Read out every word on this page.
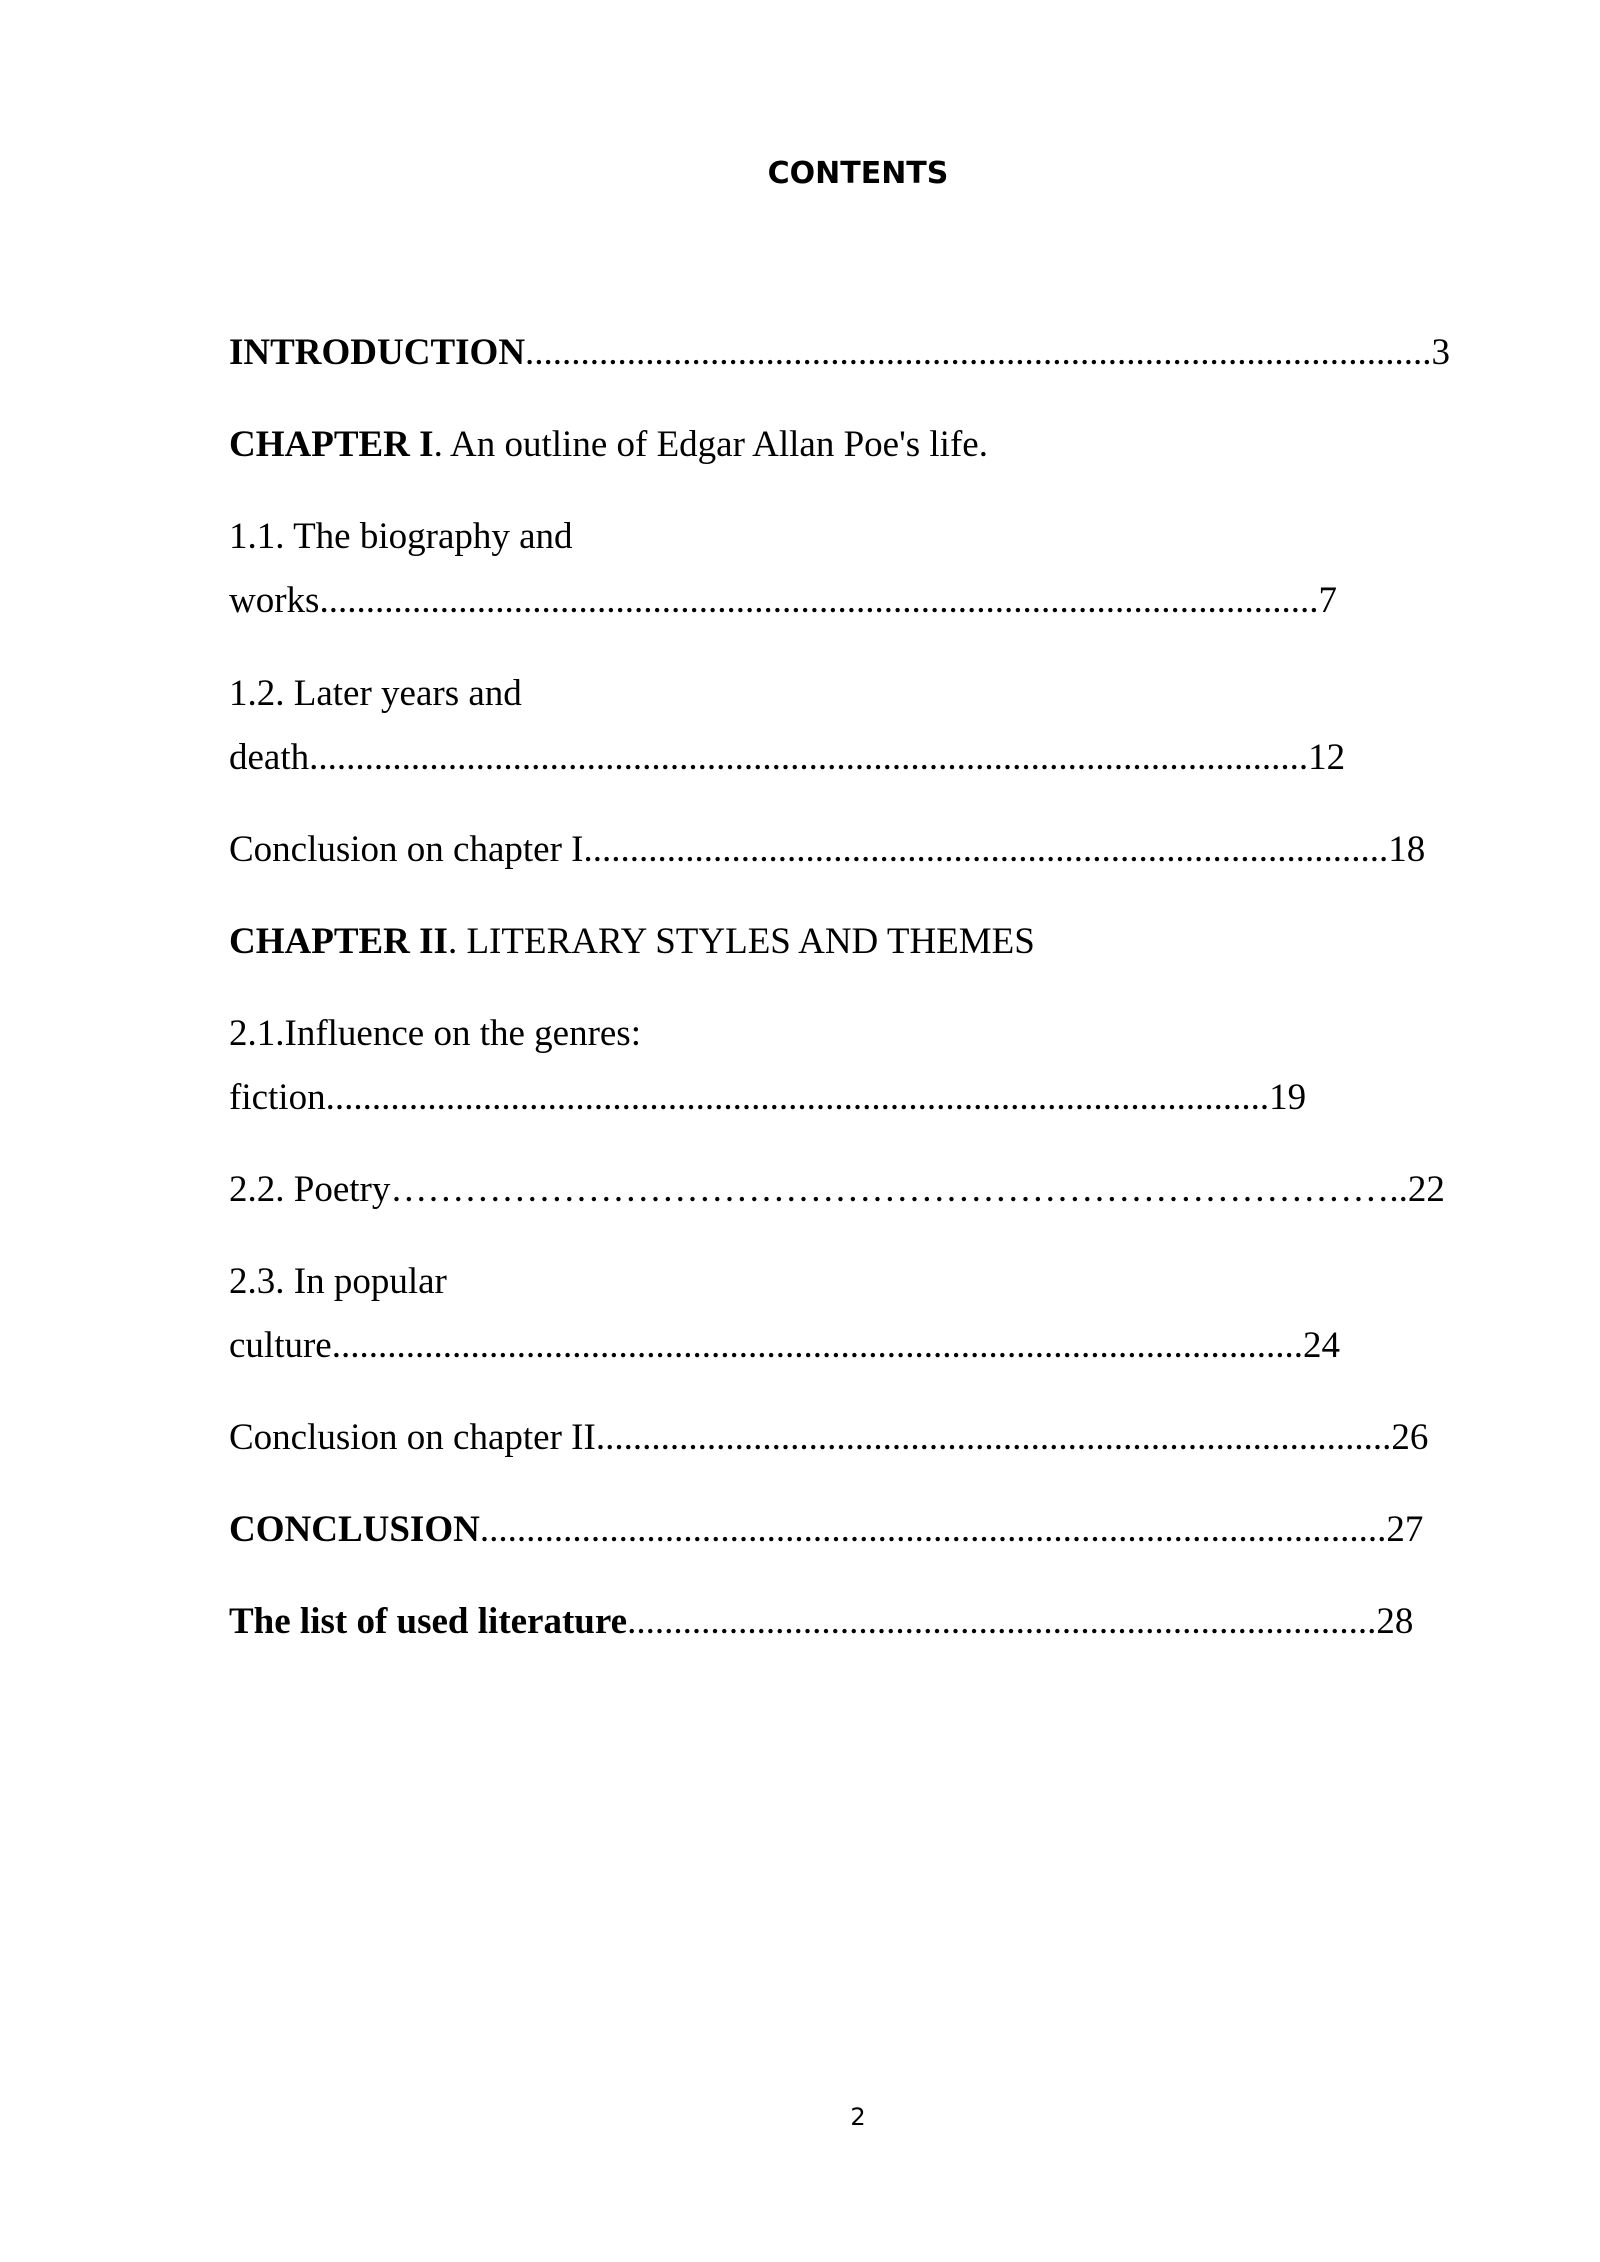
CONTENTS
INTRODUCTION..................................................................................................3
CHAPTER I. An outline of Edgar Allan Poe's life.
1.1. The biography and
works............................................................................................................7
1.2. Later years and
death............................................................................................................12
Conclusion on chapter I.......................................................................................18
CHAPTER II. LITERARY STYLES AND THEMES
2.1.Influence on the genres:
fiction......................................................................................................19
2.2. Poetry………………………………………………………………………..22
2.3. In popular
culture.........................................................................................................24
Conclusion on chapter II......................................................................................26
CONCLUSION..................................................................................................27
The list of used literature.................................................................................28
2
